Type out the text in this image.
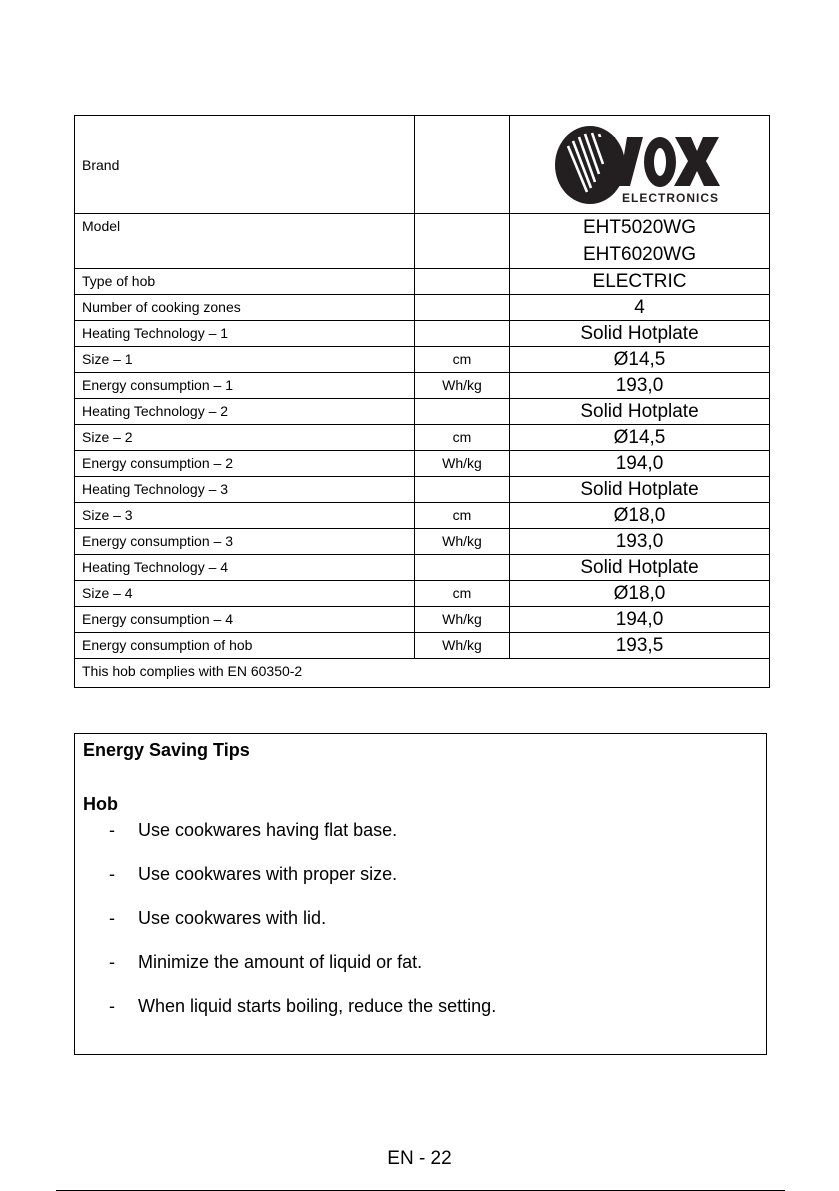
Brand		ELECTRONICS

Model		EHT5020WG
EHT6020WG

Type of hob		ELECTRIC
Number of cooking zones		4
Heating Technology – 1		Solid Hotplate
Size – 1	cm	Ø14,5
Energy consumption – 1	Wh/kg	193,0
Heating Technology – 2		Solid Hotplate
Size – 2	cm	Ø14,5
Energy consumption – 2	Wh/kg	194,0
Heating Technology – 3		Solid Hotplate
Size – 3	cm	Ø18,0
Energy consumption – 3	Wh/kg	193,0
Heating Technology – 4		Solid Hotplate
Size – 4	cm	Ø18,0
Energy consumption – 4	Wh/kg	194,0
Energy consumption of hob	Wh/kg	193,5
This hob complies with EN 60350-2		

Energy Saving Tips

Hob

-	Use cookwares having flat base.
-	Use cookwares with proper size.
-	Use cookwares with lid.
-	Minimize the amount of liquid or fat.
-	When liquid starts boiling, reduce the setting.
EN - 22
